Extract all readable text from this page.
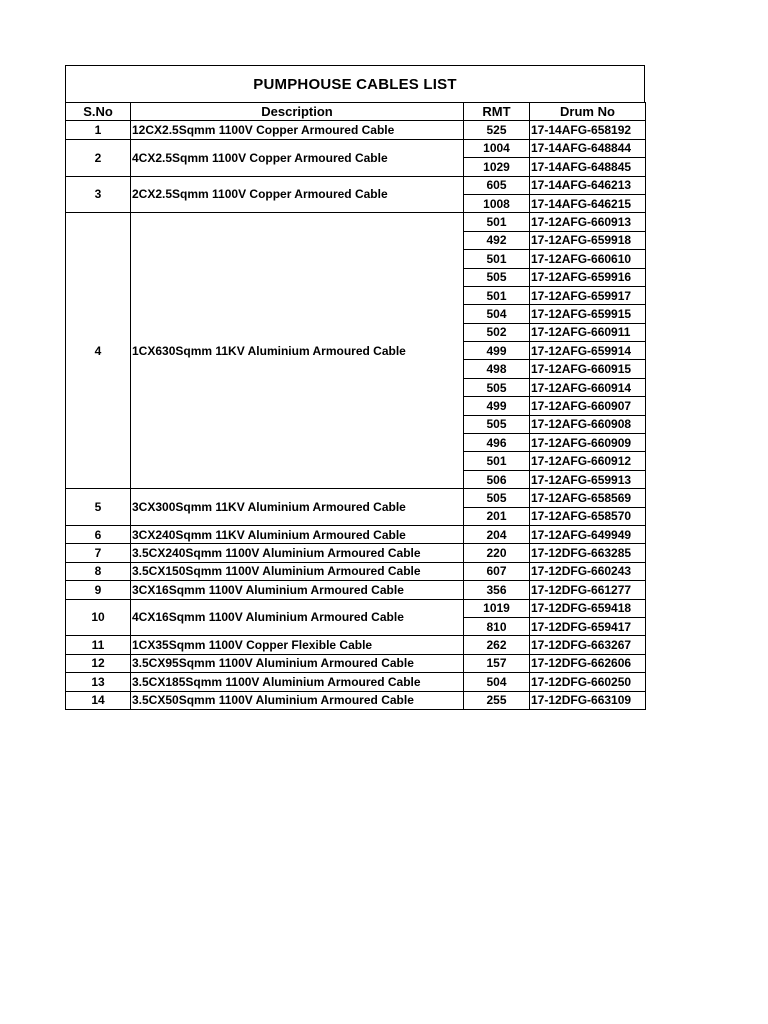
PUMPHOUSE CABLES LIST
S.No	Description	RMT	Drum No
1	12CX2.5Sqmm 1100V Copper Armoured Cable	525	17-14AFG-658192
2	4CX2.5Sqmm 1100V Copper Armoured Cable	1004	17-14AFG-648844
		1029	17-14AFG-648845
3	2CX2.5Sqmm 1100V Copper Armoured Cable	605	17-14AFG-646213
		1008	17-14AFG-646215
4	1CX630Sqmm 11KV Aluminium Armoured Cable	501	17-12AFG-660913
		492	17-12AFG-659918
		501	17-12AFG-660610
		505	17-12AFG-659916
		501	17-12AFG-659917
		504	17-12AFG-659915
		502	17-12AFG-660911
		499	17-12AFG-659914
		498	17-12AFG-660915
		505	17-12AFG-660914
		499	17-12AFG-660907
		505	17-12AFG-660908
		496	17-12AFG-660909
		501	17-12AFG-660912
		506	17-12AFG-659913
5	3CX300Sqmm 11KV Aluminium Armoured Cable	505	17-12AFG-658569
		201	17-12AFG-658570
6	3CX240Sqmm 11KV Aluminium Armoured Cable	204	17-12AFG-649949
7	3.5CX240Sqmm 1100V Aluminium Armoured Cable	220	17-12DFG-663285
8	3.5CX150Sqmm 1100V Aluminium Armoured Cable	607	17-12DFG-660243
9	3CX16Sqmm 1100V Aluminium Armoured Cable	356	17-12DFG-661277
10	4CX16Sqmm 1100V Aluminium Armoured Cable	1019	17-12DFG-659418
		810	17-12DFG-659417
11	1CX35Sqmm 1100V Copper Flexible Cable	262	17-12DFG-663267
12	3.5CX95Sqmm 1100V Aluminium Armoured Cable	157	17-12DFG-662606
13	3.5CX185Sqmm 1100V Aluminium Armoured Cable	504	17-12DFG-660250
14	3.5CX50Sqmm 1100V Aluminium Armoured Cable	255	17-12DFG-663109
